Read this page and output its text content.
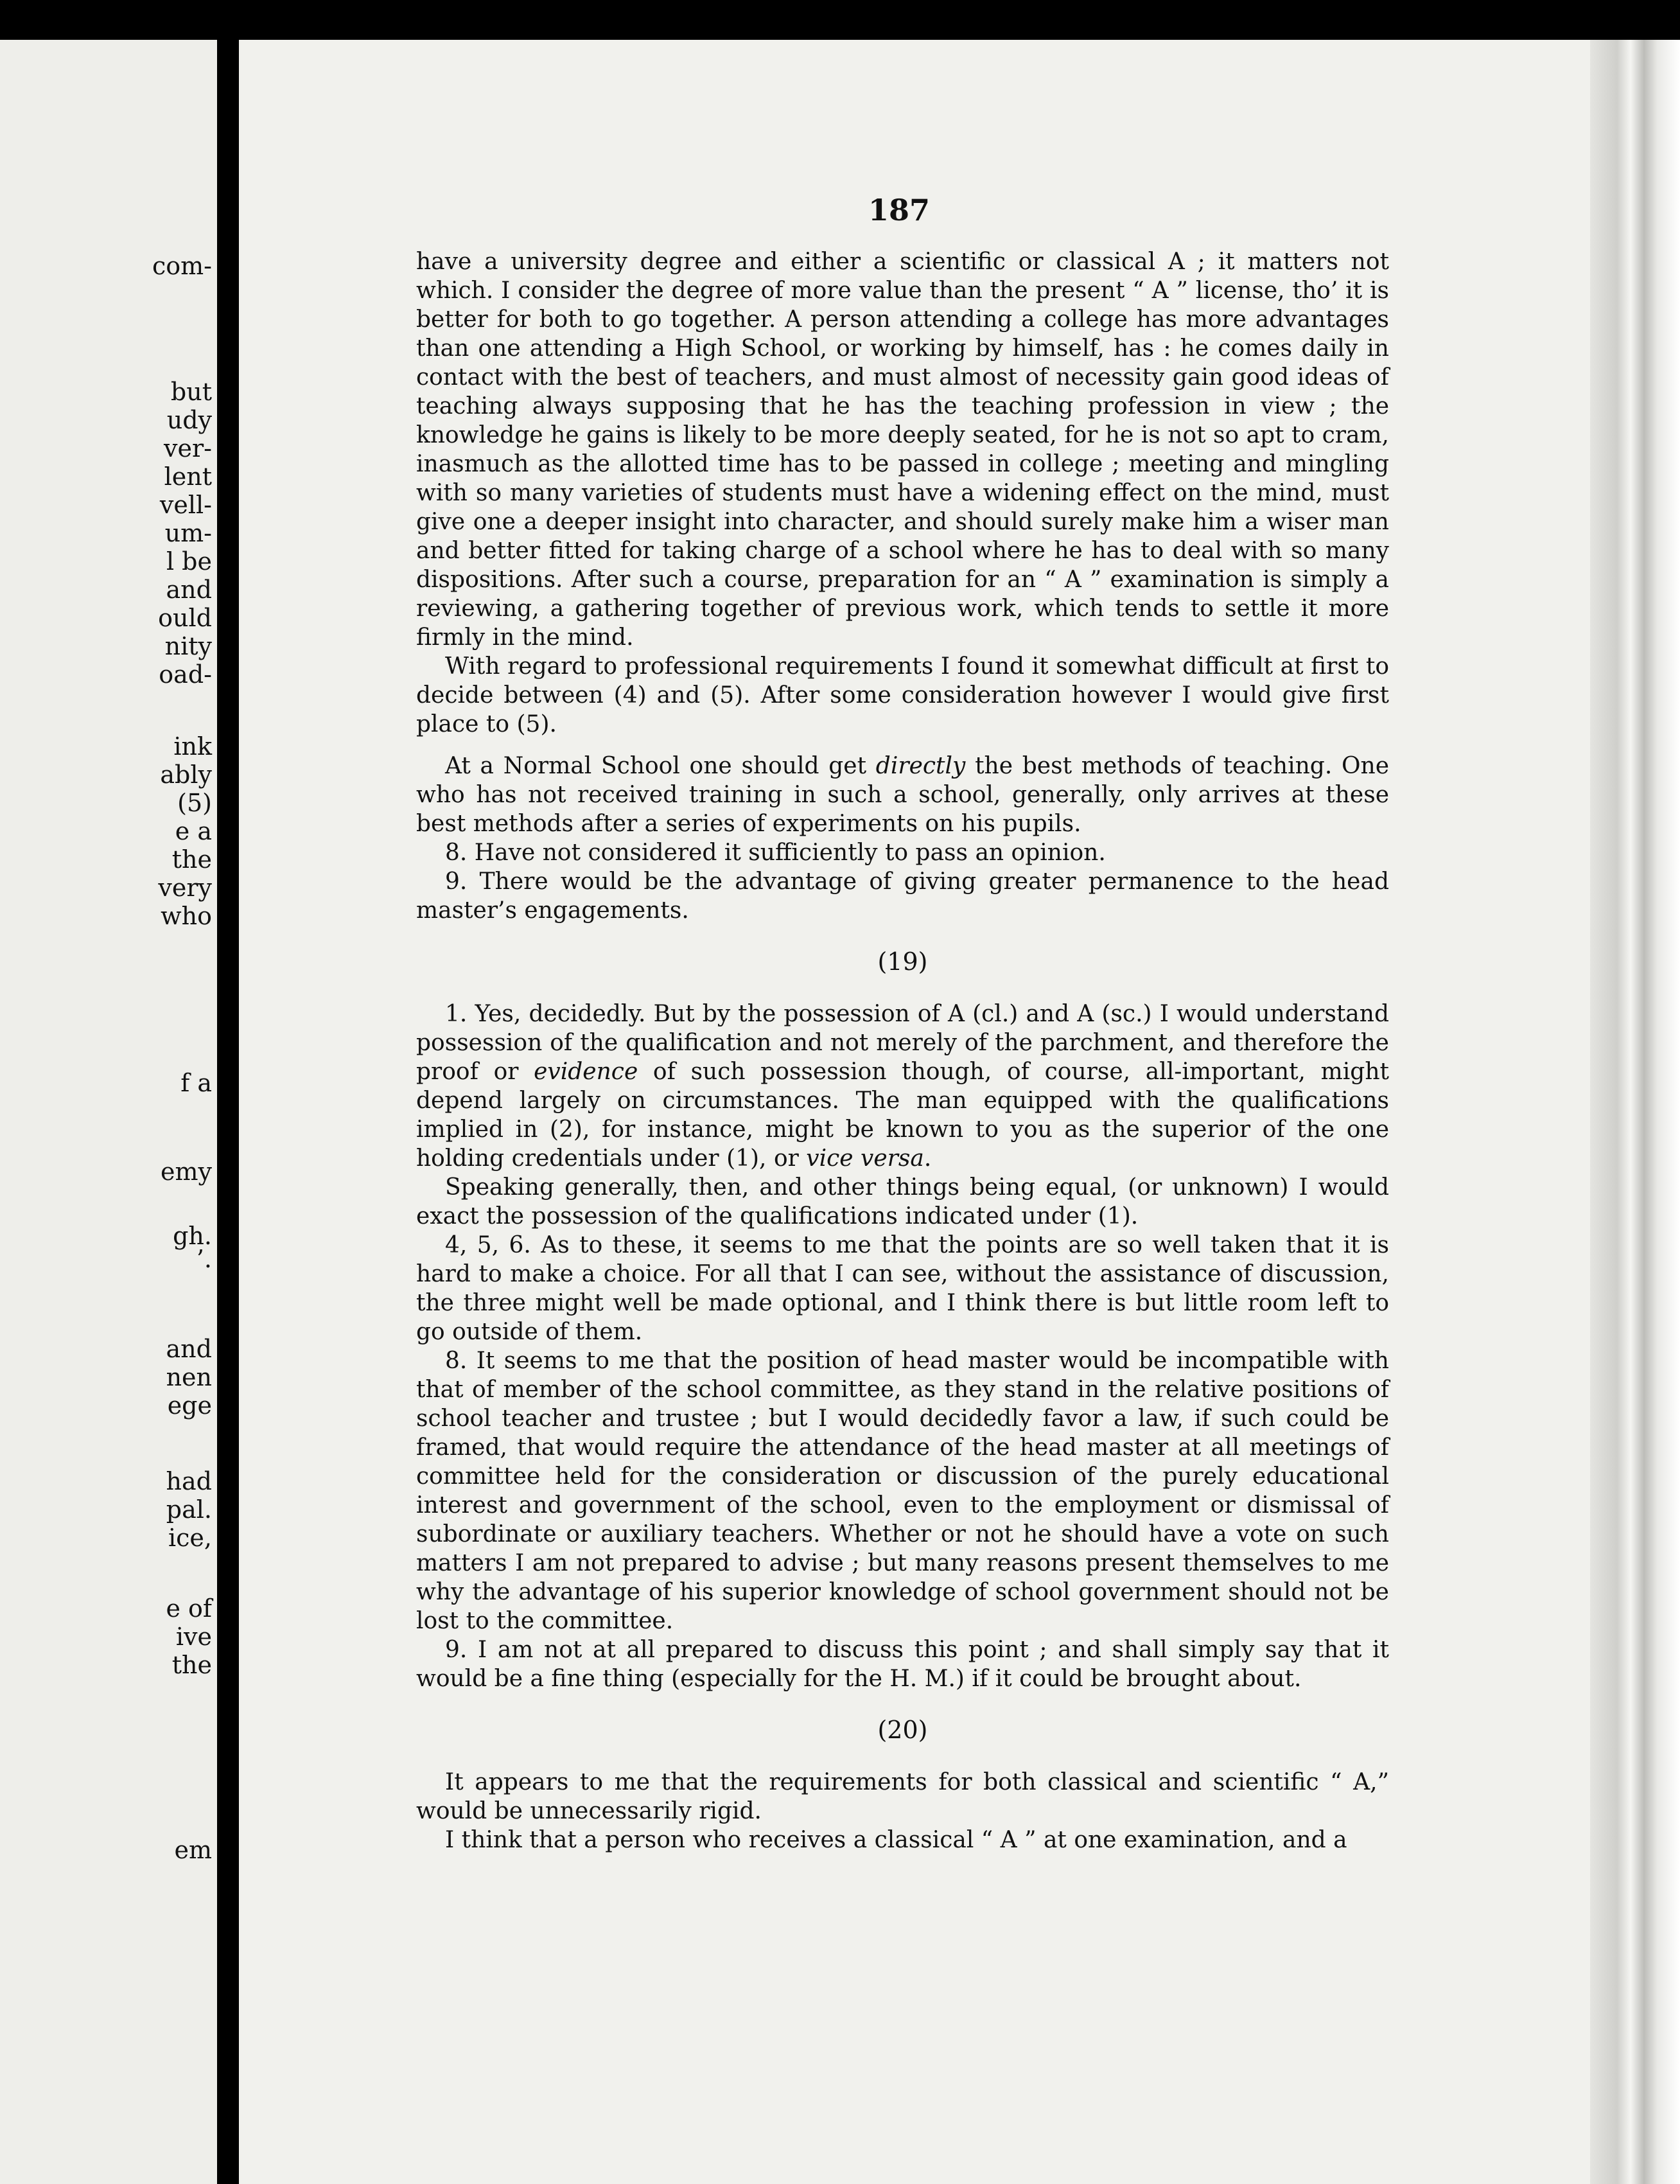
com-
but
udy
ver-
lent
vell-
um-
l be
and
ould
nity
oad-
ink
ably
(5)
e a
the
very
who
f a
emy
gh.
’.
and
nen
ege
had
pal.
ice,
e of
ive
the
em
187

have a university degree and either a scientific or classical A ; it matters not which. I consider the degree of more value than the present “ A ” license, tho’ it is better for both to go together. A person attending a college has more advantages than one attending a High School, or working by himself, has : he comes daily in contact with the best of teachers, and must almost of necessity gain good ideas of teaching always supposing that he has the teaching profession in view ; the knowledge he gains is likely to be more deeply seated, for he is not so apt to cram, inasmuch as the allotted time has to be passed in college ; meeting and mingling with so many varieties of students must have a widening effect on the mind, must give one a deeper insight into character, and should surely make him a wiser man and better fitted for taking charge of a school where he has to deal with so many dispositions. After such a course, preparation for an “ A ” examination is simply a reviewing, a gathering together of previous work, which tends to settle it more firmly in the mind.

With regard to professional requirements I found it somewhat difficult at first to decide between (4) and (5). After some consideration however I would give first place to (5).

At a Normal School one should get directly the best methods of teaching. One who has not received training in such a school, generally, only arrives at these best methods after a series of experiments on his pupils.

8. Have not considered it sufficiently to pass an opinion.

9. There would be the advantage of giving greater permanence to the head master’s engagements.

(19)

1. Yes, decidedly. But by the possession of A (cl.) and A (sc.) I would understand possession of the qualification and not merely of the parchment, and therefore the proof or evidence of such possession though, of course, all-important, might depend largely on circumstances. The man equipped with the qualifications implied in (2), for instance, might be known to you as the superior of the one holding credentials under (1), or vice versa.

Speaking generally, then, and other things being equal, (or unknown) I would exact the possession of the qualifications indicated under (1).

4, 5, 6. As to these, it seems to me that the points are so well taken that it is hard to make a choice. For all that I can see, without the assistance of discussion, the three might well be made optional, and I think there is but little room left to go outside of them.

8. It seems to me that the position of head master would be incompatible with that of member of the school committee, as they stand in the relative positions of school teacher and trustee ; but I would decidedly favor a law, if such could be framed, that would require the attendance of the head master at all meetings of committee held for the consideration or discussion of the purely educational interest and government of the school, even to the employment or dismissal of subordinate or auxiliary teachers. Whether or not he should have a vote on such matters I am not prepared to advise ; but many reasons present themselves to me why the advantage of his superior knowledge of school government should not be lost to the committee.

9. I am not at all prepared to discuss this point ; and shall simply say that it would be a fine thing (especially for the H. M.) if it could be brought about.

(20)

It appears to me that the requirements for both classical and scientific “ A,” would be unnecessarily rigid.

I think that a person who receives a classical “ A ” at one examination, and a
